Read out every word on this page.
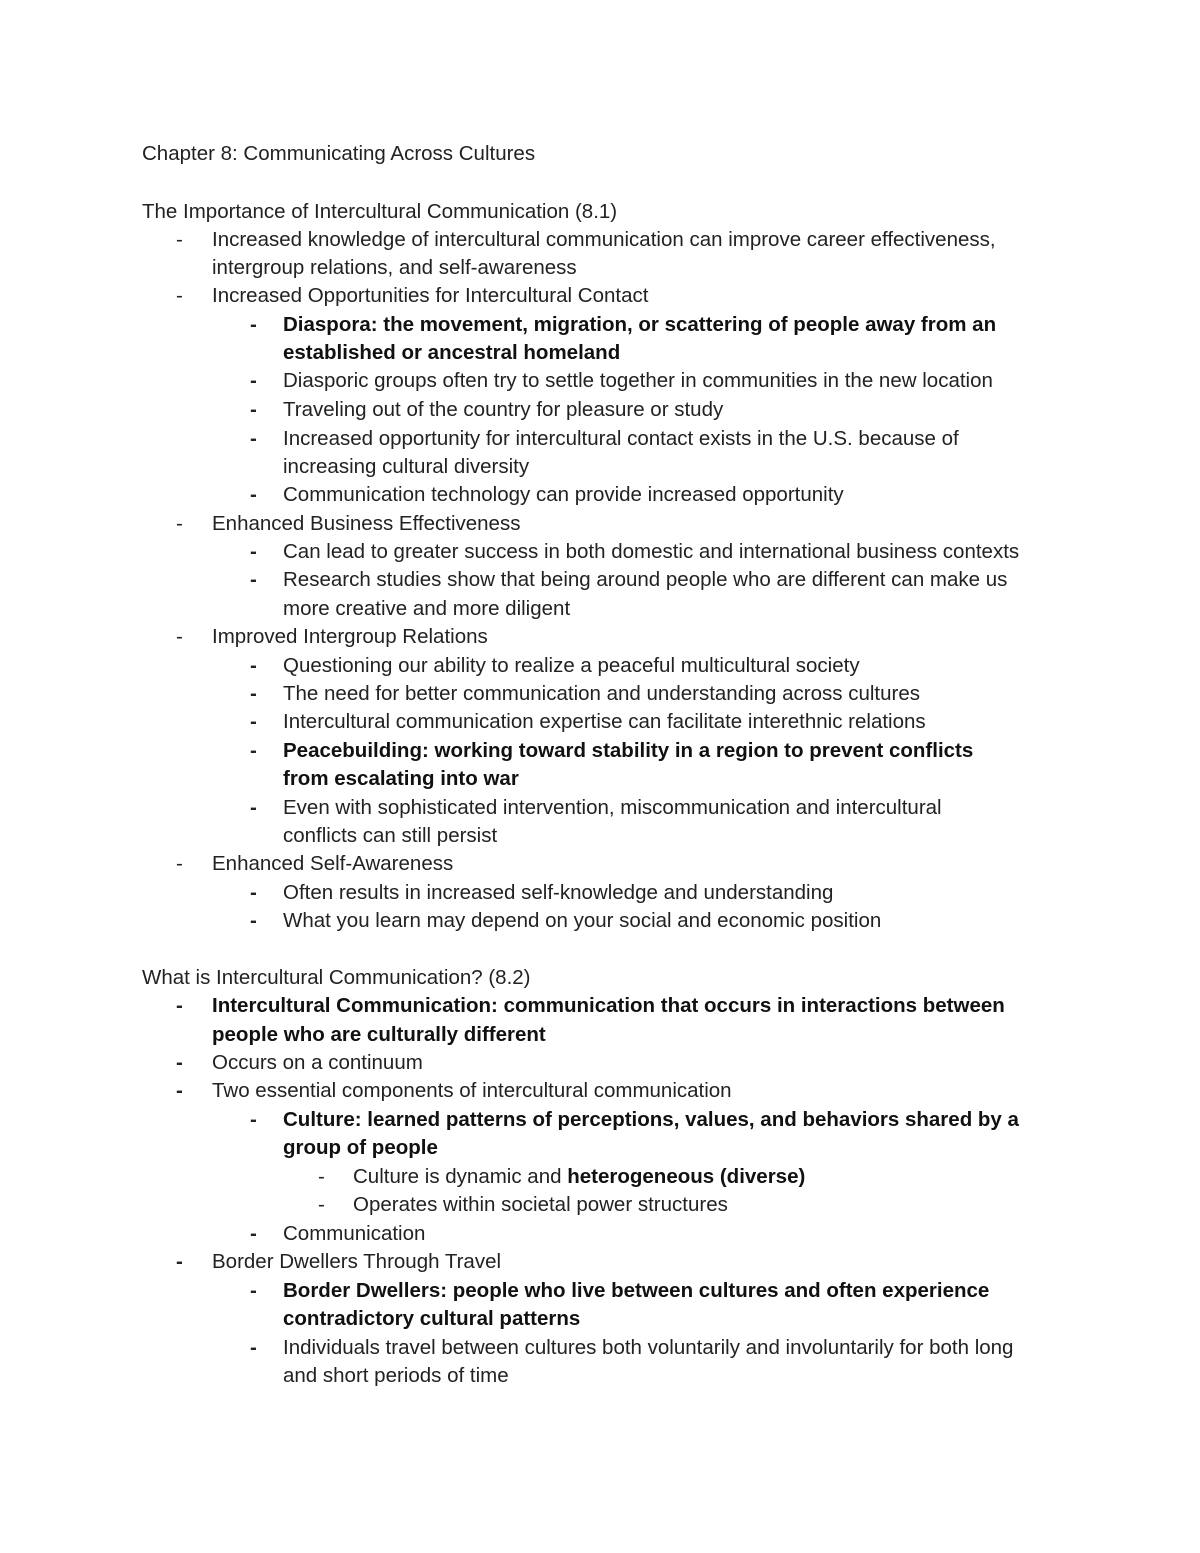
Chapter 8: Communicating Across Cultures
The Importance of Intercultural Communication (8.1)
- Increased knowledge of intercultural communication can improve career effectiveness,
intergroup relations, and self-awareness
- Increased Opportunities for Intercultural Contact
- Diaspora: the movement, migration, or scattering of people away from an
established or ancestral homeland
- Diasporic groups often try to settle together in communities in the new location
- Traveling out of the country for pleasure or study
- Increased opportunity for intercultural contact exists in the U.S. because of
increasing cultural diversity
- Communication technology can provide increased opportunity
- Enhanced Business Effectiveness
- Can lead to greater success in both domestic and international business contexts
- Research studies show that being around people who are different can make us
more creative and more diligent
- Improved Intergroup Relations
- Questioning our ability to realize a peaceful multicultural society
- The need for better communication and understanding across cultures
- Intercultural communication expertise can facilitate interethnic relations
- Peacebuilding: working toward stability in a region to prevent conflicts
from escalating into war
- Even with sophisticated intervention, miscommunication and intercultural
conflicts can still persist
- Enhanced Self-Awareness
- Often results in increased self-knowledge and understanding
- What you learn may depend on your social and economic position
What is Intercultural Communication? (8.2)
- Intercultural Communication: communication that occurs in interactions between
people who are culturally different
- Occurs on a continuum
- Two essential components of intercultural communication
- Culture: learned patterns of perceptions, values, and behaviors shared by a
group of people
- Culture is dynamic and heterogeneous (diverse)
- Operates within societal power structures
- Communication
- Border Dwellers Through Travel
- Border Dwellers: people who live between cultures and often experience
contradictory cultural patterns
- Individuals travel between cultures both voluntarily and involuntarily for both long
and short periods of time
